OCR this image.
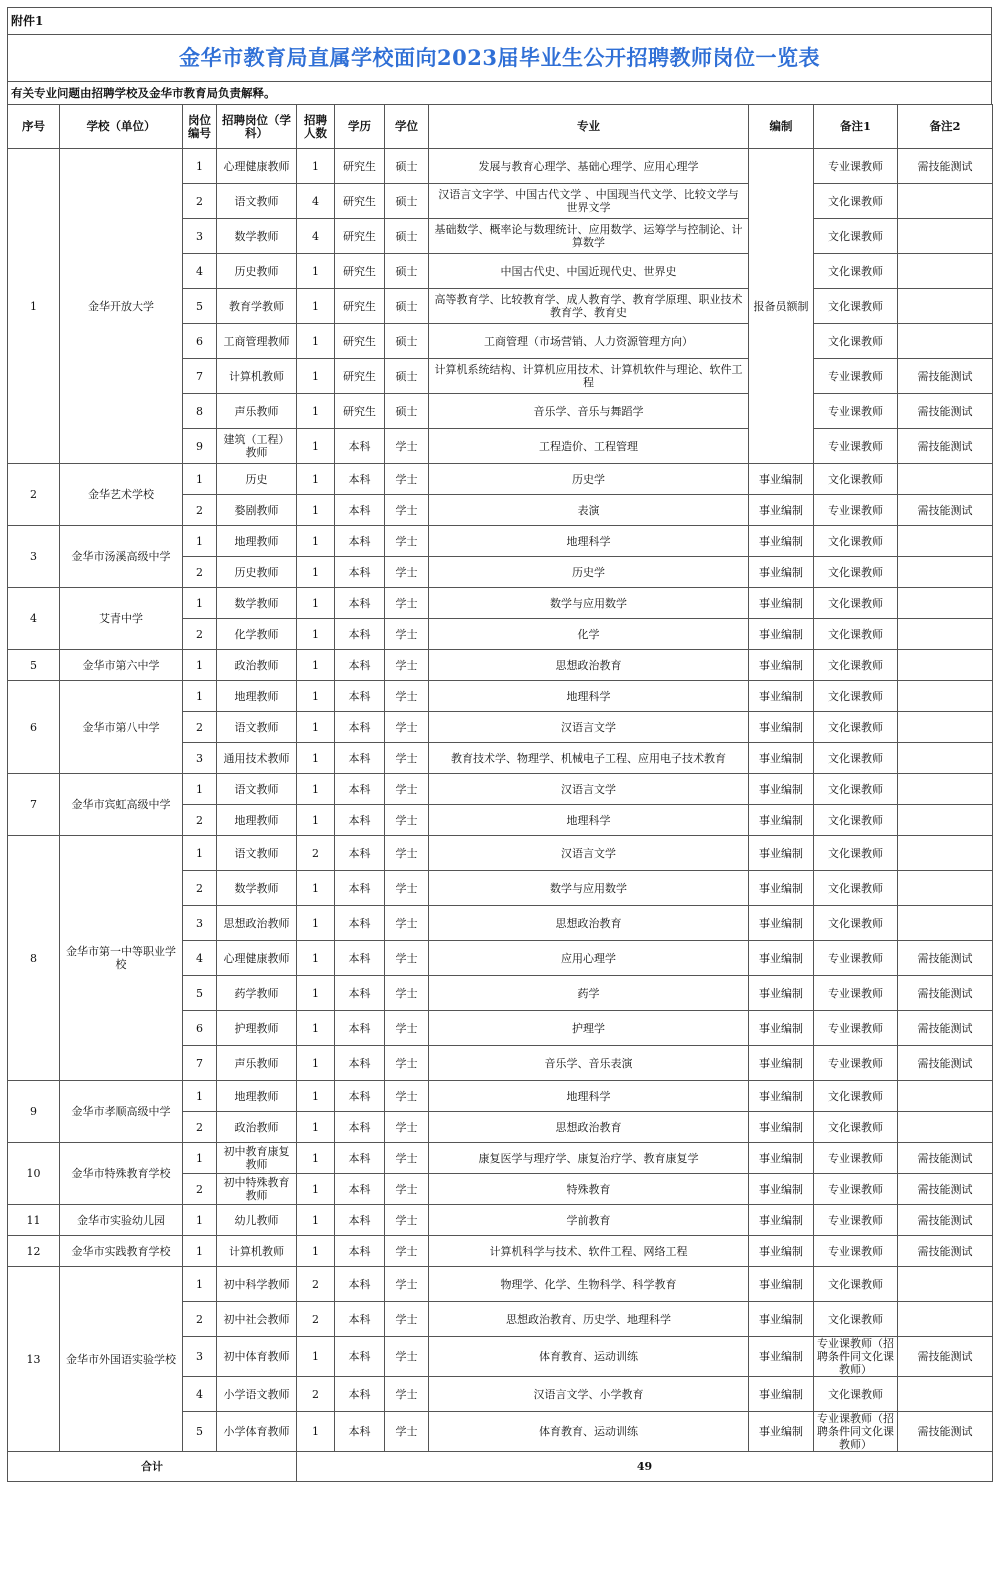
附件1
金华市教育局直属学校面向2023届毕业生公开招聘教师岗位一览表
有关专业问题由招聘学校及金华市教育局负责解释。
序号	学校（单位）	岗位编号	招聘岗位（学科）	招聘人数	学历	学位	专业	编制	备注1	备注2
1	金华开放大学	1	心理健康教师	1	研究生	硕士	发展与教育心理学、基础心理学、应用心理学	报备员额制	专业课教师	需技能测试
		2	语文教师	4	研究生	硕士	汉语言文字学、中国古代文学 、中国现当代文学、比较文学与世界文学		文化课教师	
		3	数学教师	4	研究生	硕士	基础数学、概率论与数理统计、应用数学、运筹学与控制论、计算数学		文化课教师	
		4	历史教师	1	研究生	硕士	中国古代史、中国近现代史、世界史		文化课教师	
		5	教育学教师	1	研究生	硕士	高等教育学、比较教育学、成人教育学、教育学原理、职业技术教育学、教育史		文化课教师	
		6	工商管理教师	1	研究生	硕士	工商管理（市场营销、人力资源管理方向）		文化课教师	
		7	计算机教师	1	研究生	硕士	计算机系统结构、计算机应用技术、计算机软件与理论、软件工程		专业课教师	需技能测试
		8	声乐教师	1	研究生	硕士	音乐学、音乐与舞蹈学		专业课教师	需技能测试
		9	建筑（工程）教师	1	本科	学士	工程造价、工程管理		专业课教师	需技能测试
2	金华艺术学校	1	历史	1	本科	学士	历史学	事业编制	文化课教师	
		2	婺剧教师	1	本科	学士	表演	事业编制	专业课教师	需技能测试
3	金华市汤溪高级中学	1	地理教师	1	本科	学士	地理科学	事业编制	文化课教师	
		2	历史教师	1	本科	学士	历史学	事业编制	文化课教师	
4	艾青中学	1	数学教师	1	本科	学士	数学与应用数学	事业编制	文化课教师	
		2	化学教师	1	本科	学士	化学	事业编制	文化课教师	
5	金华市第六中学	1	政治教师	1	本科	学士	思想政治教育	事业编制	文化课教师	
6	金华市第八中学	1	地理教师	1	本科	学士	地理科学	事业编制	文化课教师	
		2	语文教师	1	本科	学士	汉语言文学	事业编制	文化课教师	
		3	通用技术教师	1	本科	学士	教育技术学、物理学、机械电子工程、应用电子技术教育	事业编制	文化课教师	
7	金华市宾虹高级中学	1	语文教师	1	本科	学士	汉语言文学	事业编制	文化课教师	
		2	地理教师	1	本科	学士	地理科学	事业编制	文化课教师	
8	金华市第一中等职业学校	1	语文教师	2	本科	学士	汉语言文学	事业编制	文化课教师	
		2	数学教师	1	本科	学士	数学与应用数学	事业编制	文化课教师	
		3	思想政治教师	1	本科	学士	思想政治教育	事业编制	文化课教师	
		4	心理健康教师	1	本科	学士	应用心理学	事业编制	专业课教师	需技能测试
		5	药学教师	1	本科	学士	药学	事业编制	专业课教师	需技能测试
		6	护理教师	1	本科	学士	护理学	事业编制	专业课教师	需技能测试
		7	声乐教师	1	本科	学士	音乐学、音乐表演	事业编制	专业课教师	需技能测试
9	金华市孝顺高级中学	1	地理教师	1	本科	学士	地理科学	事业编制	文化课教师	
		2	政治教师	1	本科	学士	思想政治教育	事业编制	文化课教师	
10	金华市特殊教育学校	1	初中教育康复教师	1	本科	学士	康复医学与理疗学、康复治疗学、教育康复学	事业编制	专业课教师	需技能测试
		2	初中特殊教育教师	1	本科	学士	特殊教育	事业编制	专业课教师	需技能测试
11	金华市实验幼儿园	1	幼儿教师	1	本科	学士	学前教育	事业编制	专业课教师	需技能测试
12	金华市实践教育学校	1	计算机教师	1	本科	学士	计算机科学与技术、软件工程、网络工程	事业编制	专业课教师	需技能测试
13	金华市外国语实验学校	1	初中科学教师	2	本科	学士	物理学、化学、生物科学、科学教育	事业编制	文化课教师	
		2	初中社会教师	2	本科	学士	思想政治教育、历史学、地理科学	事业编制	文化课教师	
		3	初中体育教师	1	本科	学士	体育教育、运动训练	事业编制	专业课教师（招聘条件同文化课教师）	需技能测试
		4	小学语文教师	2	本科	学士	汉语言文学、小学教育	事业编制	文化课教师	
		5	小学体育教师	1	本科	学士	体育教育、运动训练	事业编制	专业课教师（招聘条件同文化课教师）	需技能测试
合计				49						
